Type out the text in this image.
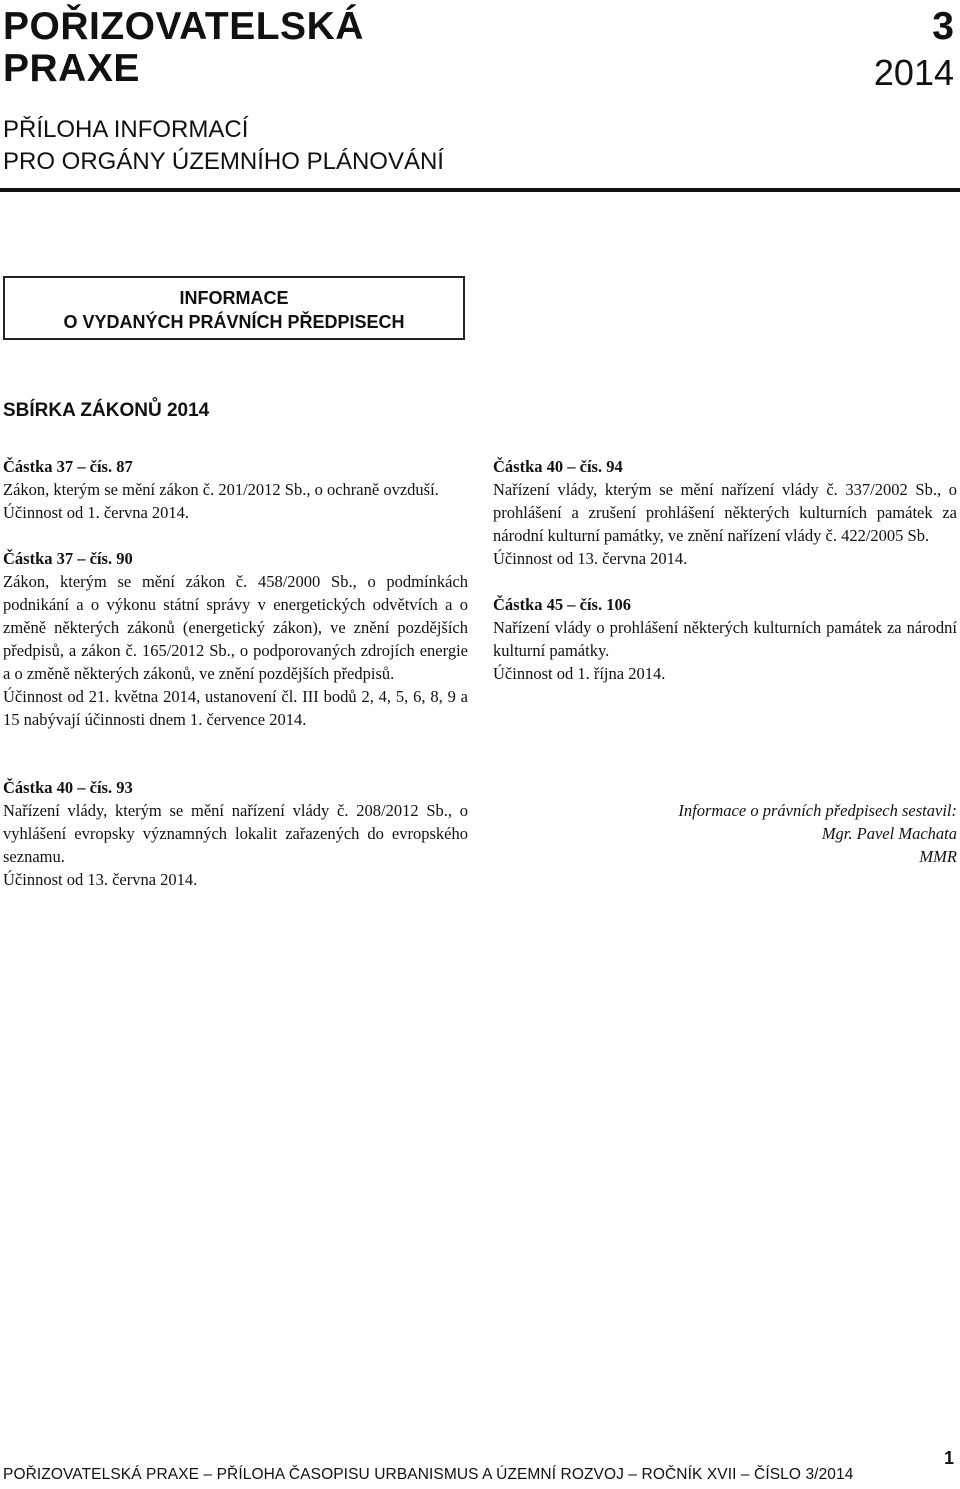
POŘIZOVATELSKÁ
PRAXE
3
2014
PŘÍLOHA INFORMACÍ
PRO ORGÁNY ÚZEMNÍHO PLÁNOVÁNÍ
INFORMACE
O VYDANÝCH PRÁVNÍCH PŘEDPISECH
SBÍRKA ZÁKONŮ 2014

Částka 37 – čís. 87

Zákon, kterým se mění zákon č. 201/2012 Sb., o ochraně ovzduší.

Účinnost od 1. června 2014.

Částka 37 – čís. 90

Zákon, kterým se mění zákon č. 458/2000 Sb., o podmínkách podnikání a o výkonu státní správy v energetických odvětvích a o změně některých zákonů (energetický zákon), ve znění pozdějších předpisů, a zákon č. 165/2012 Sb., o podporovaných zdrojích energie a o změně některých zákonů, ve znění pozdějších předpisů.

Účinnost od 21. května 2014, ustanovení čl. III bodů 2, 4, 5, 6, 8, 9 a 15 nabývají účinnosti dnem 1. července 2014.

Částka 40 – čís. 93

Nařízení vlády, kterým se mění nařízení vlády č. 208/2012 Sb., o vyhlášení evropsky významných lokalit zařazených do evropského seznamu.

Účinnost od 13. června 2014.

Částka 40 – čís. 94

Nařízení vlády, kterým se mění nařízení vlády č. 337/2002 Sb., o prohlášení a zrušení prohlášení některých kulturních památek za národní kulturní památky, ve znění nařízení vlády č. 422/2005 Sb.

Účinnost od 13. června 2014.

Částka 45 – čís. 106

Nařízení vlády o prohlášení některých kulturních památek za národní kulturní památky.

Účinnost od 1. října 2014.

Informace o právních předpisech sestavil:
Mgr. Pavel Machata
MMR
POŘIZOVATELSKÁ PRAXE – PŘÍLOHA ČASOPISU URBANISMUS A ÚZEMNÍ ROZVOJ – ROČNÍK XVII – ČÍSLO 3/2014
1
